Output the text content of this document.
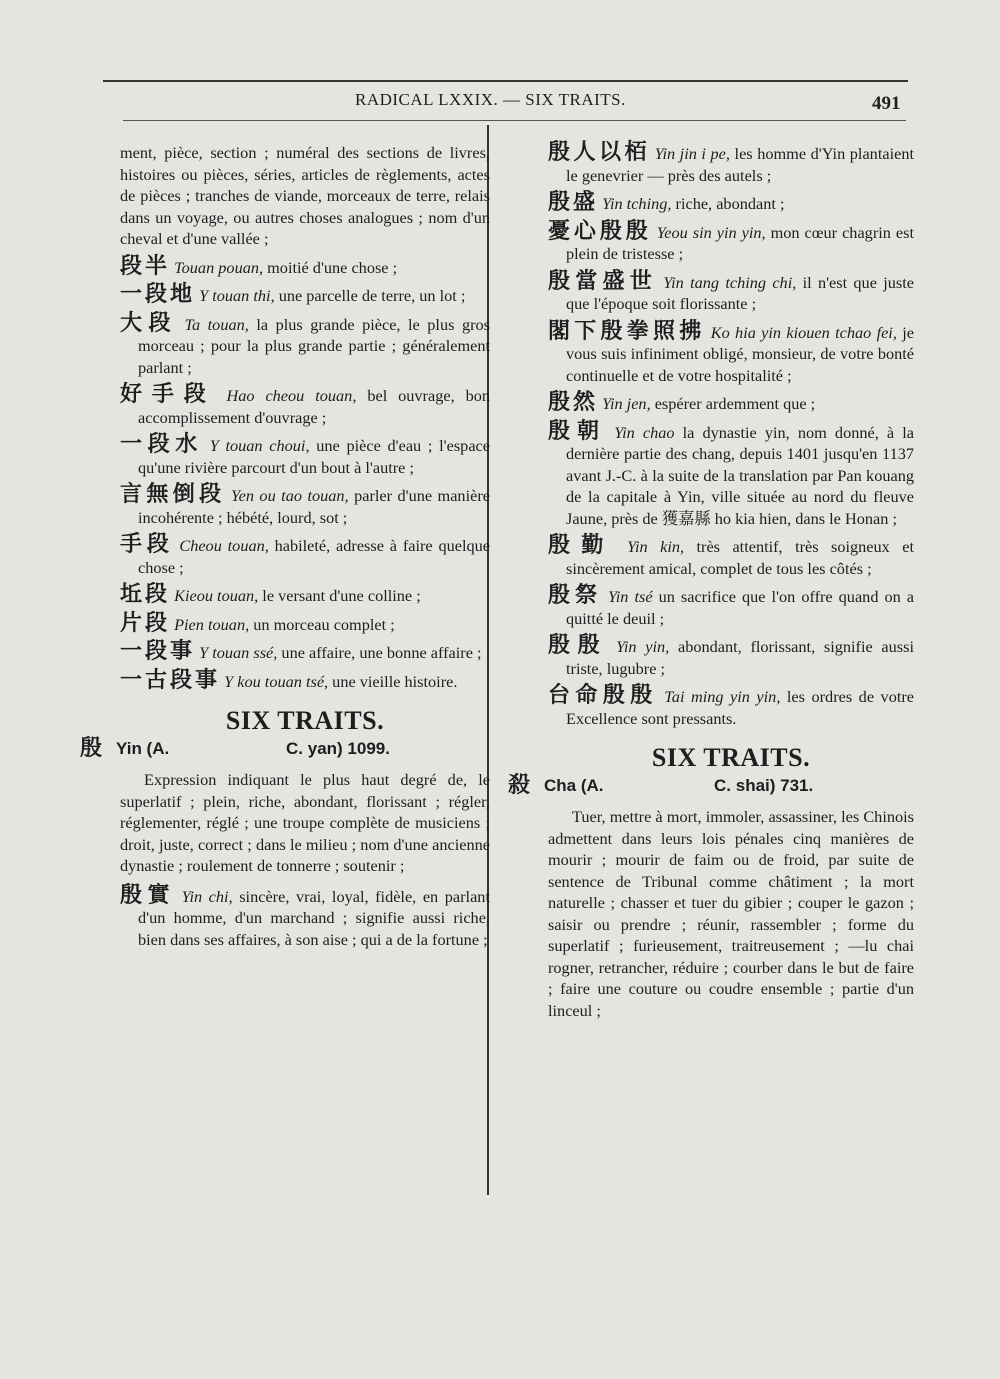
RADICAL LXXIX. — SIX TRAITS.	491

ment, pièce, section ; numéral des sections de livres, histoires ou pièces, séries, articles de règlements, actes de pièces ; tranches de viande, morceaux de terre, relais dans un voyage, ou autres choses analogues ; nom d'un cheval et d'une vallée ;

段半 Touan pouan, moitié d'une chose ;

一段地 Y touan thi, une parcelle de terre, un lot ;

大段 Ta touan, la plus grande pièce, le plus gros morceau ; pour la plus grande partie ; généralement parlant ;

好手段 Hao cheou touan, bel ouvrage, bon accomplissement d'ouvrage ;

一段水 Y touan choui, une pièce d'eau ; l'espace qu'une rivière parcourt d'un bout à l'autre ;

言無倒段 Yen ou tao touan, parler d'une manière incohérente ; hébété, lourd, sot ;

手段 Cheou touan, habileté, adresse à faire quelque chose ;

坵段 Kieou touan, le versant d'une colline ;

片段 Pien touan, un morceau complet ;

一段事 Y touan ssé, une affaire, une bonne affaire ;

一古段事 Y kou touan tsé, une vieille histoire.

SIX TRAITS.
殷 Yin (A.	C. yan) 1099.

Expression indiquant le plus haut degré de, le superlatif ; plein, riche, abondant, florissant ; régler, réglementer, réglé ; une troupe complète de musiciens ; droit, juste, correct ; dans le milieu ; nom d'une ancienne dynastie ; roulement de tonnerre ; soutenir ;

殷實 Yin chi, sincère, vrai, loyal, fidèle, en parlant d'un homme, d'un marchand ; signifie aussi riche, bien dans ses affaires, à son aise ; qui a de la fortune ;

殷人以栢 Yin jin i pe, les homme d'Yin plantaient le genevrier — près des autels ;

殷盛 Yin tching, riche, abondant ;

憂心殷殷 Yeou sin yin yin, mon cœur chagrin est plein de tristesse ;

殷當盛世 Yin tang tching chi, il n'est que juste que l'époque soit florissante ;

閣下殷拳照拂 Ko hia yin kiouen tchao fei, je vous suis infiniment obligé, monsieur, de votre bonté continuelle et de votre hospitalité ;

殷然 Yin jen, espérer ardemment que ;

殷朝 Yin chao la dynastie yin, nom donné, à la dernière partie des chang, depuis 1401 jusqu'en 1137 avant J.-C. à la suite de la translation par Pan kouang de la capitale à Yin, ville située au nord du fleuve Jaune, près de 獲嘉縣 ho kia hien, dans le Honan ;

殷勤 Yin kin, très attentif, très soigneux et sincèrement amical, complet de tous les côtés ;

殷祭 Yin tsé un sacrifice que l'on offre quand on a quitté le deuil ;

殷殷 Yin yin, abondant, florissant, signifie aussi triste, lugubre ;

台命殷殷 Tai ming yin yin, les ordres de votre Excellence sont pressants.

SIX TRAITS.
殺 Cha (A.	C. shai) 731.

Tuer, mettre à mort, immoler, assassiner, les Chinois admettent dans leurs lois pénales cinq manières de mourir ; mourir de faim ou de froid, par suite de sentence de Tribunal comme châtiment ; la mort naturelle ; chasser et tuer du gibier ; couper le gazon ; saisir ou prendre ; réunir, rassembler ; forme du superlatif ; furieusement, traitreusement ; —lu chai rogner, retrancher, réduire ; courber dans le but de faire ; faire une couture ou coudre ensemble ; partie d'un linceul ;
